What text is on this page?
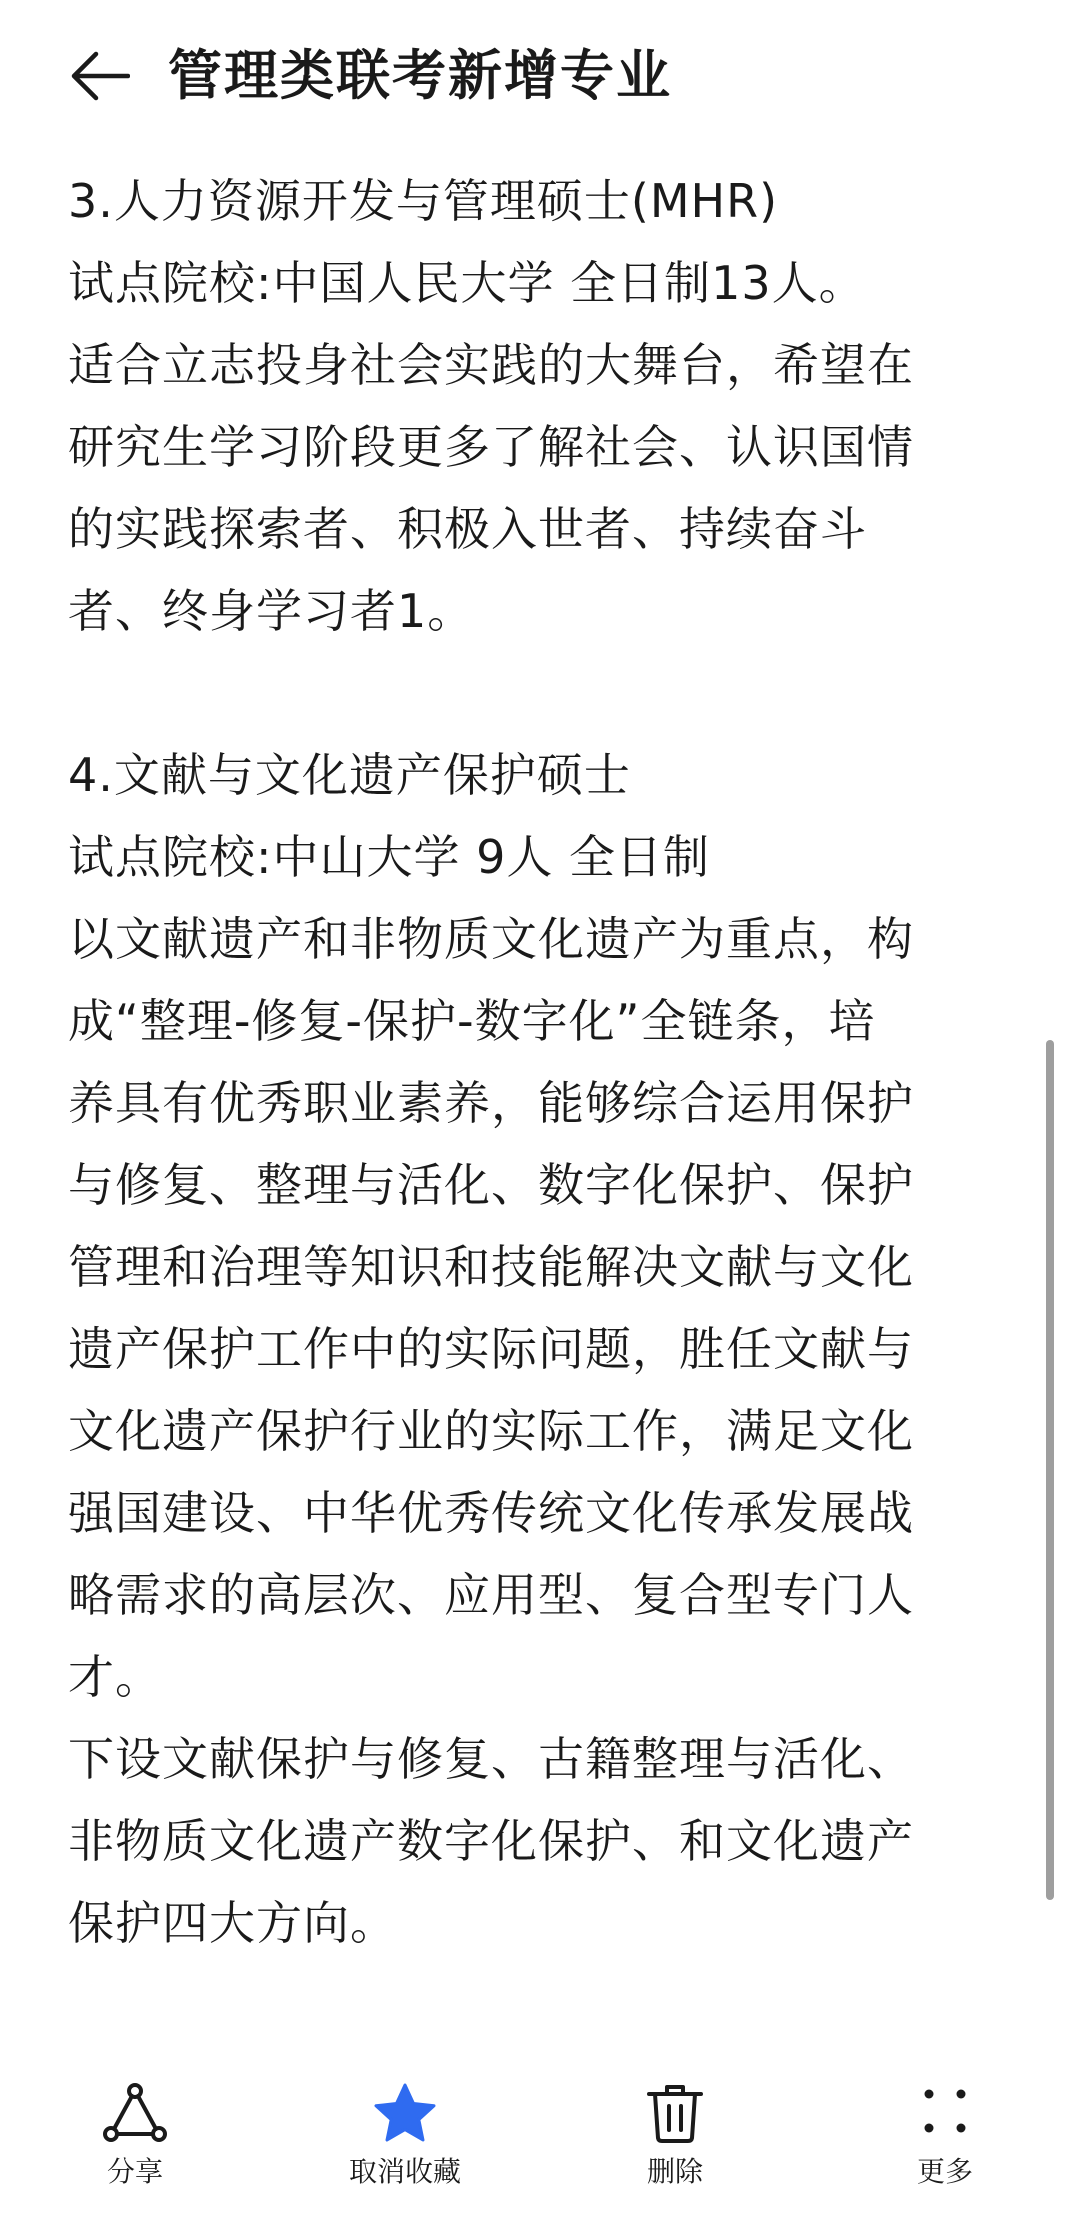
管理类联考新增专业
3.人力资源开发与管理硕士(MHR)
试点院校:中国人民大学 全日制13人。
适合立志投身社会实践的大舞台，希望在
研究生学习阶段更多了解社会、认识国情
的实践探索者、积极入世者、持续奋斗
者、终身学习者1。
4.文献与文化遗产保护硕士
试点院校:中山大学 9人 全日制
以文献遗产和非物质文化遗产为重点，构
成“整理-修复-保护-数字化”全链条，培
养具有优秀职业素养，能够综合运用保护
与修复、整理与活化、数字化保护、保护
管理和治理等知识和技能解决文献与文化
遗产保护工作中的实际问题，胜任文献与
文化遗产保护行业的实际工作，满足文化
强国建设、中华优秀传统文化传承发展战
略需求的高层次、应用型、复合型专门人
才。
下设文献保护与修复、古籍整理与活化、
非物质文化遗产数字化保护、和文化遗产
保护四大方向。
分享	取消收藏	删除	更多
